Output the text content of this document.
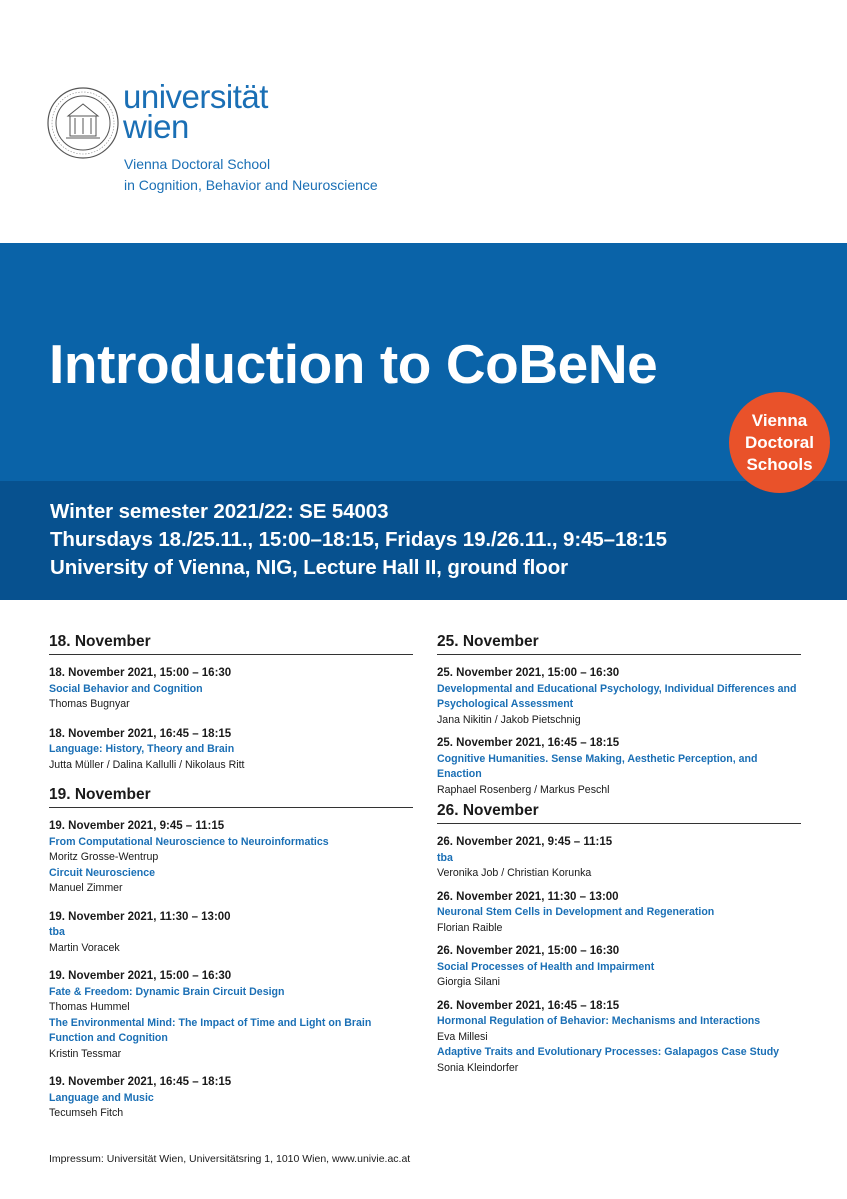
universität
wien
Vienna Doctoral School
in Cognition, Behavior and Neuroscience
Introduction to CoBeNe
Winter semester 2021/22: SE 54003
Thursdays 18./25.11., 15:00–18:15, Fridays 19./26.11., 9:45–18:15
University of Vienna, NIG, Lecture Hall II, ground floor
Vienna
Doctoral
Schools
18. November
18. November 2021, 15:00 – 16:30
Social Behavior and Cognition
Thomas Bugnyar
18. November 2021, 16:45 – 18:15
Language: History, Theory and Brain
Jutta Müller / Dalina Kallulli / Nikolaus Ritt
19. November
19. November 2021, 9:45 – 11:15
From Computational Neuroscience to Neuroinformatics
Moritz Grosse-Wentrup
Circuit Neuroscience
Manuel Zimmer
19. November 2021, 11:30 – 13:00
tba
Martin Voracek
19. November 2021, 15:00 – 16:30
Fate & Freedom: Dynamic Brain Circuit Design
Thomas Hummel
The Environmental Mind: The Impact of Time and Light on Brain Function and Cognition
Kristin Tessmar
19. November 2021, 16:45 – 18:15
Language and Music
Tecumseh Fitch
25. November
25. November 2021, 15:00 – 16:30
Developmental and Educational Psychology, Individual Differences and Psychological Assessment
Jana Nikitin / Jakob Pietschnig
25. November 2021, 16:45 – 18:15
Cognitive Humanities. Sense Making, Aesthetic Perception, and Enaction
Raphael Rosenberg / Markus Peschl
26. November
26. November 2021, 9:45 – 11:15
tba
Veronika Job / Christian Korunka
26. November 2021, 11:30 – 13:00
Neuronal Stem Cells in Development and Regeneration
Florian Raible
26. November 2021, 15:00 – 16:30
Social Processes of Health and Impairment
Giorgia Silani
26. November 2021, 16:45 – 18:15
Hormonal Regulation of Behavior: Mechanisms and Interactions
Eva Millesi
Adaptive Traits and Evolutionary Processes: Galapagos Case Study
Sonia Kleindorfer
Impressum: Universität Wien, Universitätsring 1, 1010 Wien, www.univie.ac.at
